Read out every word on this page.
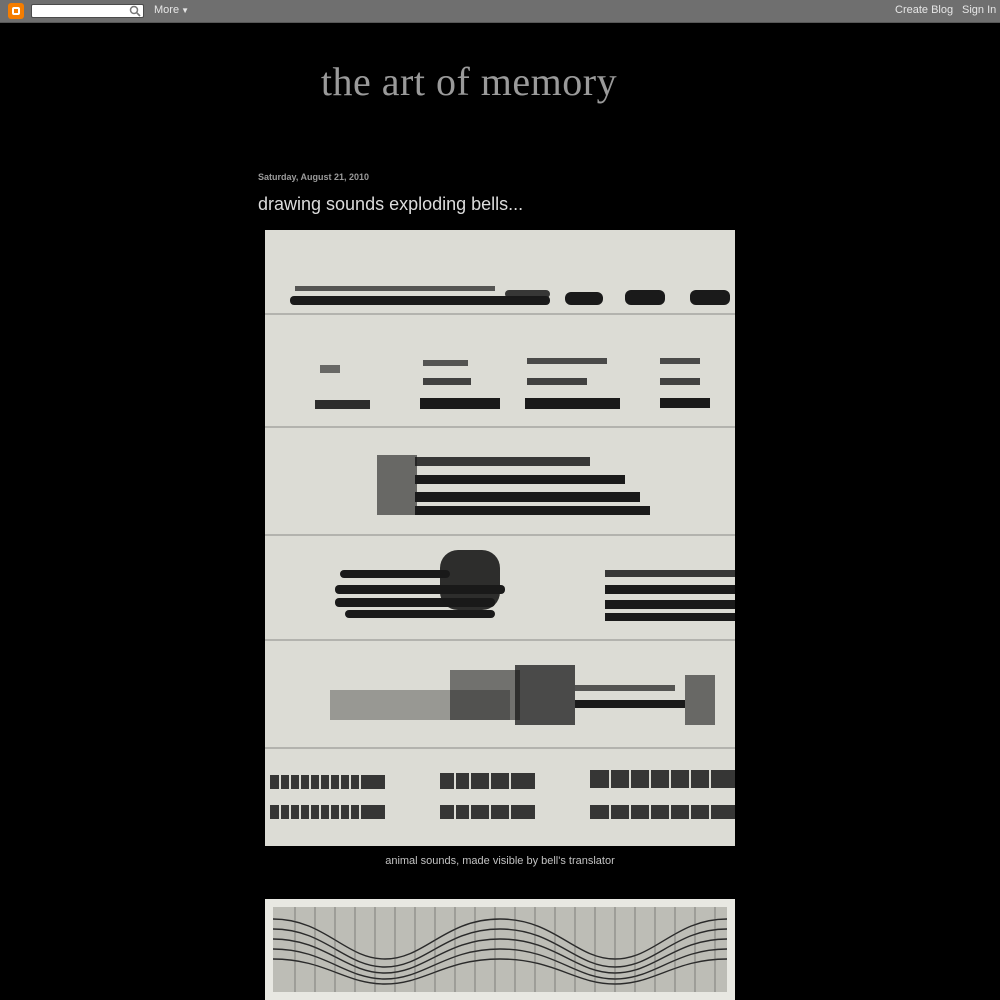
More ▼	Create Blog Sign In
the art of memory
Saturday, August 21, 2010
drawing sounds exploding bells...
animal sounds, made visible by bell's translator
